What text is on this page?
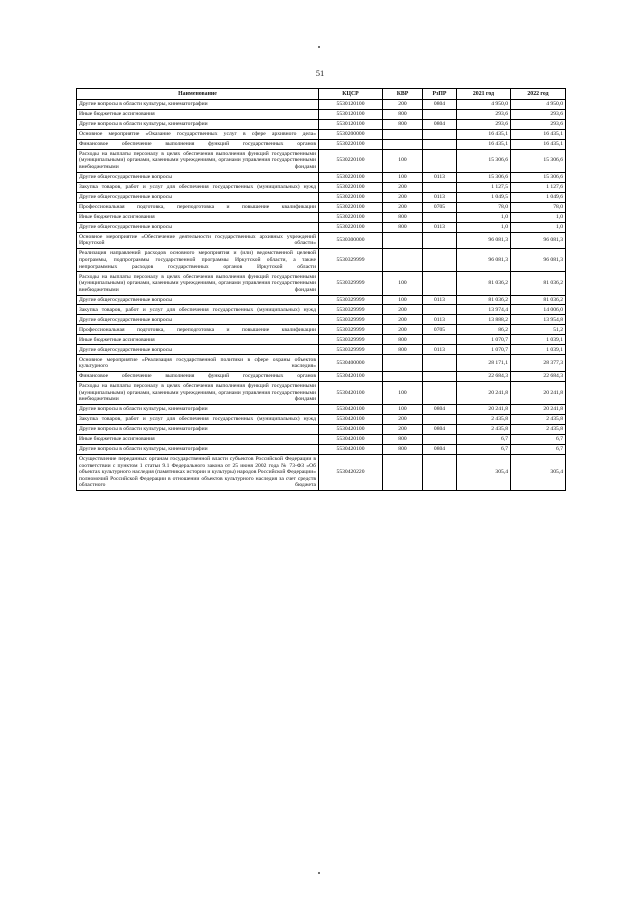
51
Наименование	КЦСР	КВР	РзПР	2021 год	2022 год
Другие вопросы в области культуры, кинематографии	5530120100	200	0804	4 950,0	4 950,0
Иные бюджетные ассигнования	5530120100	800		293,6	293,6
Другие вопросы в области культуры, кинематографии	5530120100	800	0804	293,6	293,6
Основное мероприятие «Оказание государственных услуг в сфере архивного дела»	5530200000			16 435,1	16 435,1
Финансовое обеспечение выполнения функций государственных органов	5530220100			16 435,1	16 435,1
Расходы на выплаты персоналу в целях обеспечения выполнения функций государственными (муниципальными) органами, казенными учреждениями, органами управления государственными внебюджетными фондами	5530220100	100		15 306,6	15 306,6
Другие общегосударственные вопросы	5530220100	100	0113	15 306,6	15 306,6
Закупка товаров, работ и услуг для обеспечения государственных (муниципальных) нужд	5530220100	200		1 127,5	1 127,6
Другие общегосударственные вопросы	5530220100	200	0113	1 049,5	1 049,6
Профессиональная подготовка, переподготовка и повышение квалификации	5530220100	200	0705	78,0	78,0
Иные бюджетные ассигнования	5530220100	800		1,0	1,0
Другие общегосударственные вопросы	5530220100	800	0113	1,0	1,0
Основное мероприятие «Обеспечение деятельности государственных архивных учреждений Иркутской области»	5530300000			96 081,3	96 081,3
Реализация направлений расходов основного мероприятия и (или) ведомственной целевой программы, подпрограммы государственной программы Иркутской области, а также непрограммных расходов государственных органов Иркутской области	5530329999			96 081,3	96 081,3
Расходы на выплаты персоналу в целях обеспечения выполнения функций государственными (муниципальными) органами, казенными учреждениями, органами управления государственными внебюджетными фондами	5530329999	100		81 036,2	81 036,2
Другие общегосударственные вопросы	5530329999	100	0113	81 036,2	81 036,2
Закупка товаров, работ и услуг для обеспечения государственных (муниципальных) нужд	5530329999	200		13 974,4	14 006,0
Другие общегосударственные вопросы	5530329999	200	0113	13 888,2	13 954,8
Профессиональная подготовка, переподготовка и повышение квалификации	5530329999	200	0705	86,2	51,2
Иные бюджетные ассигнования	5530329999	800		1 070,7	1 039,1
Другие общегосударственные вопросы	5530329999	800	0113	1 070,7	1 039,1
Основное мероприятие «Реализация государственной политики в сфере охраны объектов культурного наследия»	5530400000			28 171,1	28 377,3
Финансовое обеспечение выполнения функций государственных органов	5530420100			22 684,3	22 684,3
Расходы на выплаты персоналу в целях обеспечения выполнения функций государственными (муниципальными) органами, казенными учреждениями, органами управления государственными внебюджетными фондами	5530420100	100		20 241,8	20 241,8
Другие вопросы в области культуры, кинематографии	5530420100	100	0804	20 241,8	20 241,8
Закупка товаров, работ и услуг для обеспечения государственных (муниципальных) нужд	5530420100	200		2 435,8	2 435,8
Другие вопросы в области культуры, кинематографии	5530420100	200	0804	2 435,8	2 435,8
Иные бюджетные ассигнования	5530420100	800		6,7	6,7
Другие вопросы в области культуры, кинематографии	5530420100	800	0804	6,7	6,7
Осуществление переданных органам государственной власти субъектов Российской Федерации в соответствии с пунктом 1 статьи 9.1 Федерального закона от 25 июня 2002 года № 73-ФЗ «Об объектах культурного наследия (памятниках истории и культуры) народов Российской Федерации» полномочий Российской Федерации в отношении объектов культурного наследия за счет средств областного бюджета	5530420220			305,4	305,4
